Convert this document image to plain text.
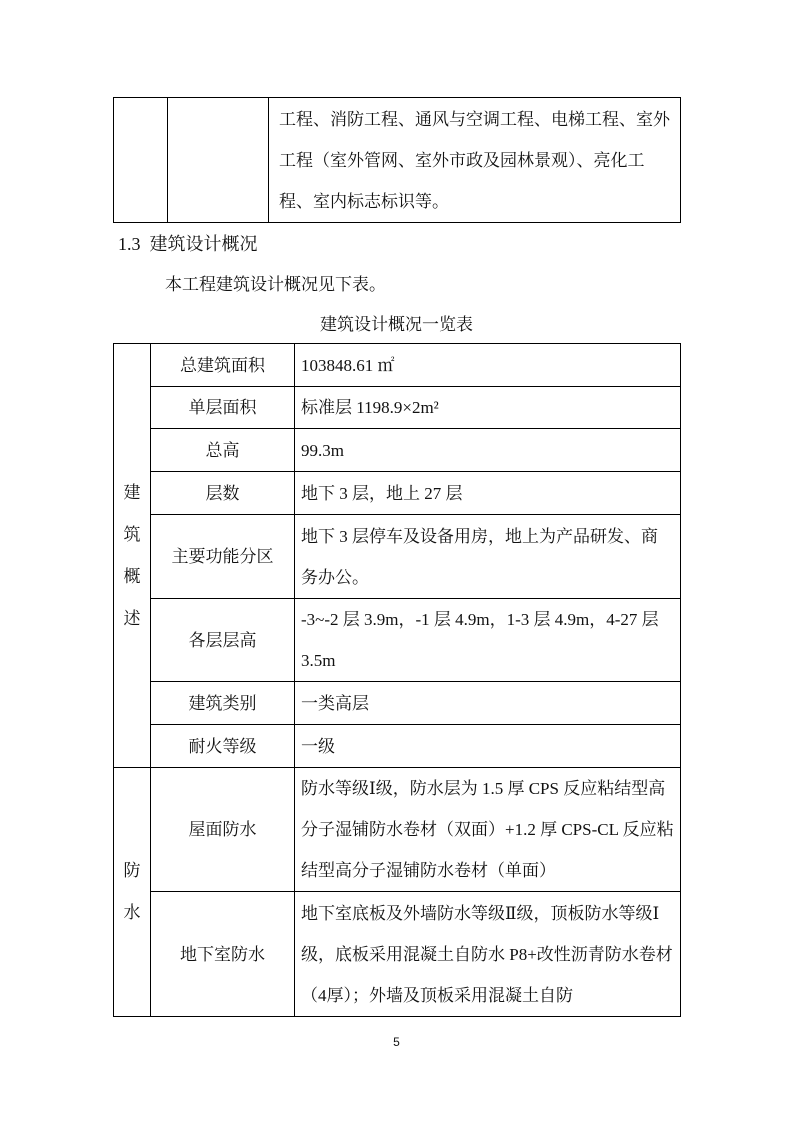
		工程、消防工程、通风与空调工程、电梯工程、室外工程（室外管网、室外市政及园林景观）、亮化工程、室内标志标识等。
1.3 建筑设计概况
本工程建筑设计概况见下表。
建筑设计概况一览表
建
筑
概
述	总建筑面积	103848.61 ㎡
	单层面积	标准层 1198.9×2m²
	总高	99.3m
	层数	地下 3 层，地上 27 层
	主要功能分区	地下 3 层停车及设备用房，地上为产品研发、商务办公。
	各层层高	-3~-2 层 3.9m，-1 层 4.9m，1-3 层 4.9m，4-27 层 3.5m
	建筑类别	一类高层
	耐火等级	一级

防
水	屋面防水	防水等级Ⅰ级，防水层为 1.5 厚 CPS 反应粘结型高分子湿铺防水卷材（双面）+1.2 厚 CPS-CL 反应粘结型高分子湿铺防水卷材（单面）
	地下室防水	地下室底板及外墙防水等级Ⅱ级，顶板防水等级Ⅰ级，底板采用混凝土自防水 P8+改性沥青防水卷材（4厚）；外墙及顶板采用混凝土自防
5
